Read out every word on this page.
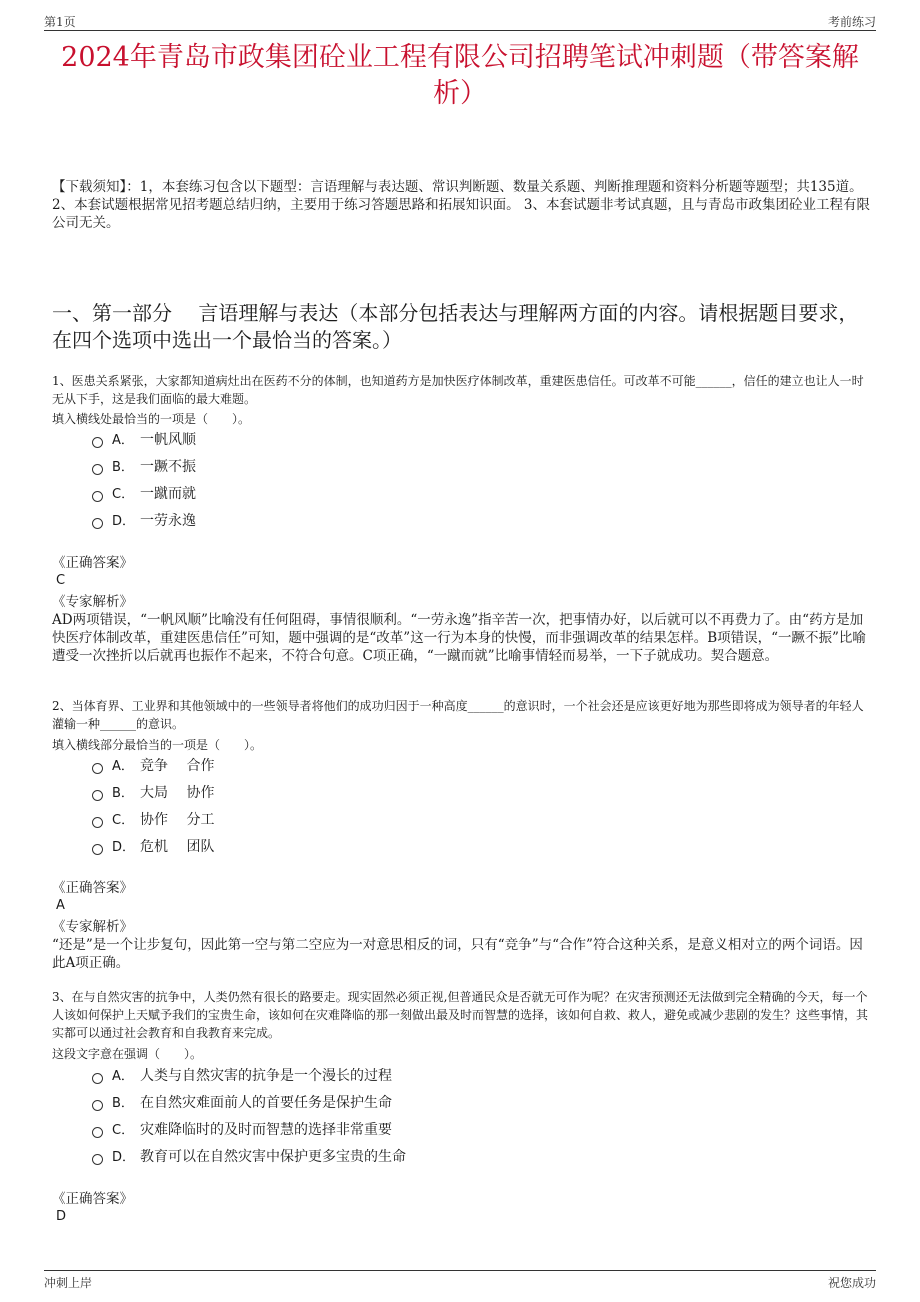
第1页	考前练习
2024年青岛市政集团砼业工程有限公司招聘笔试冲刺题（带答案解析）
【下载须知】：1，本套练习包含以下题型：言语理解与表达题、常识判断题、数量关系题、判断推理题和资料分析题等题型；共135道。 2、本套试题根据常见招考题总结归纳，主要用于练习答题思路和拓展知识面。 3、本套试题非考试真题，且与青岛市政集团砼业工程有限公司无关。
一、第一部分　 言语理解与表达（本部分包括表达与理解两方面的内容。请根据题目要求，在四个选项中选出一个最恰当的答案。）
1、医患关系紧张，大家都知道病灶出在医药不分的体制，也知道药方是加快医疗体制改革，重建医患信任。可改革不可能______，信任的建立也让人一时无从下手，这是我们面临的最大难题。
填入横线处最恰当的一项是（　　）。
A． 一帆风顺
B． 一蹶不振
C． 一蹴而就
D． 一劳永逸
《正确答案》
C
《专家解析》
AD两项错误，“一帆风顺”比喻没有任何阻碍，事情很顺利。“一劳永逸”指辛苦一次，把事情办好，以后就可以不再费力了。由“药方是加快医疗体制改革，重建医患信任”可知，题中强调的是“改革”这一行为本身的快慢，而非强调改革的结果怎样。B项错误，“一蹶不振”比喻遭受一次挫折以后就再也振作不起来，不符合句意。C项正确，“一蹴而就”比喻事情轻而易举，一下子就成功。契合题意。
2、当体育界、工业界和其他领域中的一些领导者将他们的成功归因于一种高度______的意识时，一个社会还是应该更好地为那些即将成为领导者的年轻人灌输一种______的意识。
填入横线部分最恰当的一项是（　　）。
A． 竞争　 合作
B． 大局　 协作
C． 协作　 分工
D． 危机　 团队
《正确答案》
A
《专家解析》
“还是”是一个让步复句，因此第一空与第二空应为一对意思相反的词，只有“竞争”与“合作”符合这种关系，是意义相对立的两个词语。因此A项正确。
3、在与自然灾害的抗争中，人类仍然有很长的路要走。现实固然必须正视,但普通民众是否就无可作为呢？在灾害预测还无法做到完全精确的今天，每一个人该如何保护上天赋予我们的宝贵生命，该如何在灾难降临的那一刻做出最及时而智慧的选择，该如何自救、救人，避免或减少悲剧的发生？这些事情，其实都可以通过社会教育和自我教育来完成。
这段文字意在强调（　　）。
A． 人类与自然灾害的抗争是一个漫长的过程
B． 在自然灾难面前人的首要任务是保护生命
C． 灾难降临时的及时而智慧的选择非常重要
D． 教育可以在自然灾害中保护更多宝贵的生命
《正确答案》
D
冲刺上岸	祝您成功
